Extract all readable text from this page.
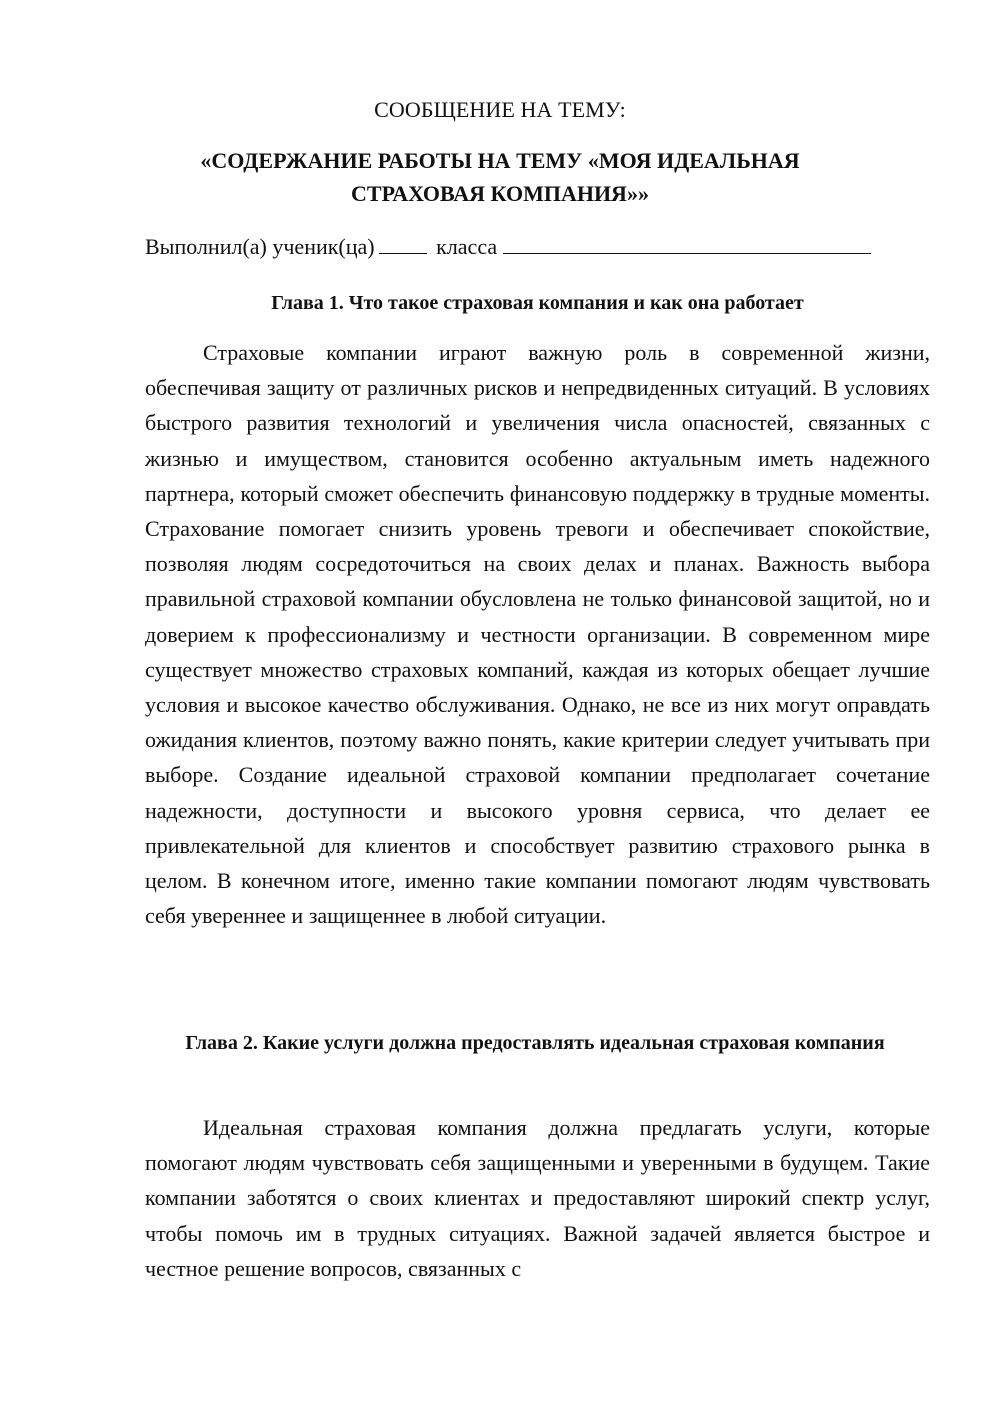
СООБЩЕНИЕ НА ТЕМУ:
«СОДЕРЖАНИЕ РАБОТЫ НА ТЕМУ «МОЯ ИДЕАЛЬНАЯ СТРАХОВАЯ КОМПАНИЯ»»
Выполнил(а) ученик(ца)	класса
Глава 1. Что такое страховая компания и как она работает

Страховые компании играют важную роль в современной жизни, обеспечивая защиту от различных рисков и непредвиденных ситуаций. В условиях быстрого развития технологий и увеличения числа опасностей, связанных с жизнью и имуществом, становится особенно актуальным иметь надежного партнера, который сможет обеспечить финансовую поддержку в трудные моменты. Страхование помогает снизить уровень тревоги и обеспечивает спокойствие, позволяя людям сосредоточиться на своих делах и планах. Важность выбора правильной страховой компании обусловлена не только финансовой защитой, но и доверием к профессионализму и честности организации. В современном мире существует множество страховых компаний, каждая из которых обещает лучшие условия и высокое качество обслуживания. Однако, не все из них могут оправдать ожидания клиентов, поэтому важно понять, какие критерии следует учитывать при выборе. Создание идеальной страховой компании предполагает сочетание надежности, доступности и высокого уровня сервиса, что делает ее привлекательной для клиентов и способствует развитию страхового рынка в целом. В конечном итоге, именно такие компании помогают людям чувствовать себя увереннее и защищеннее в любой ситуации.

Глава 2. Какие услуги должна предоставлять идеальная страховая компания

Идеальная страховая компания должна предлагать услуги, которые помогают людям чувствовать себя защищенными и уверенными в будущем. Такие компании заботятся о своих клиентах и предоставляют широкий спектр услуг, чтобы помочь им в трудных ситуациях. Важной задачей является быстрое и честное решение вопросов, связанных с
